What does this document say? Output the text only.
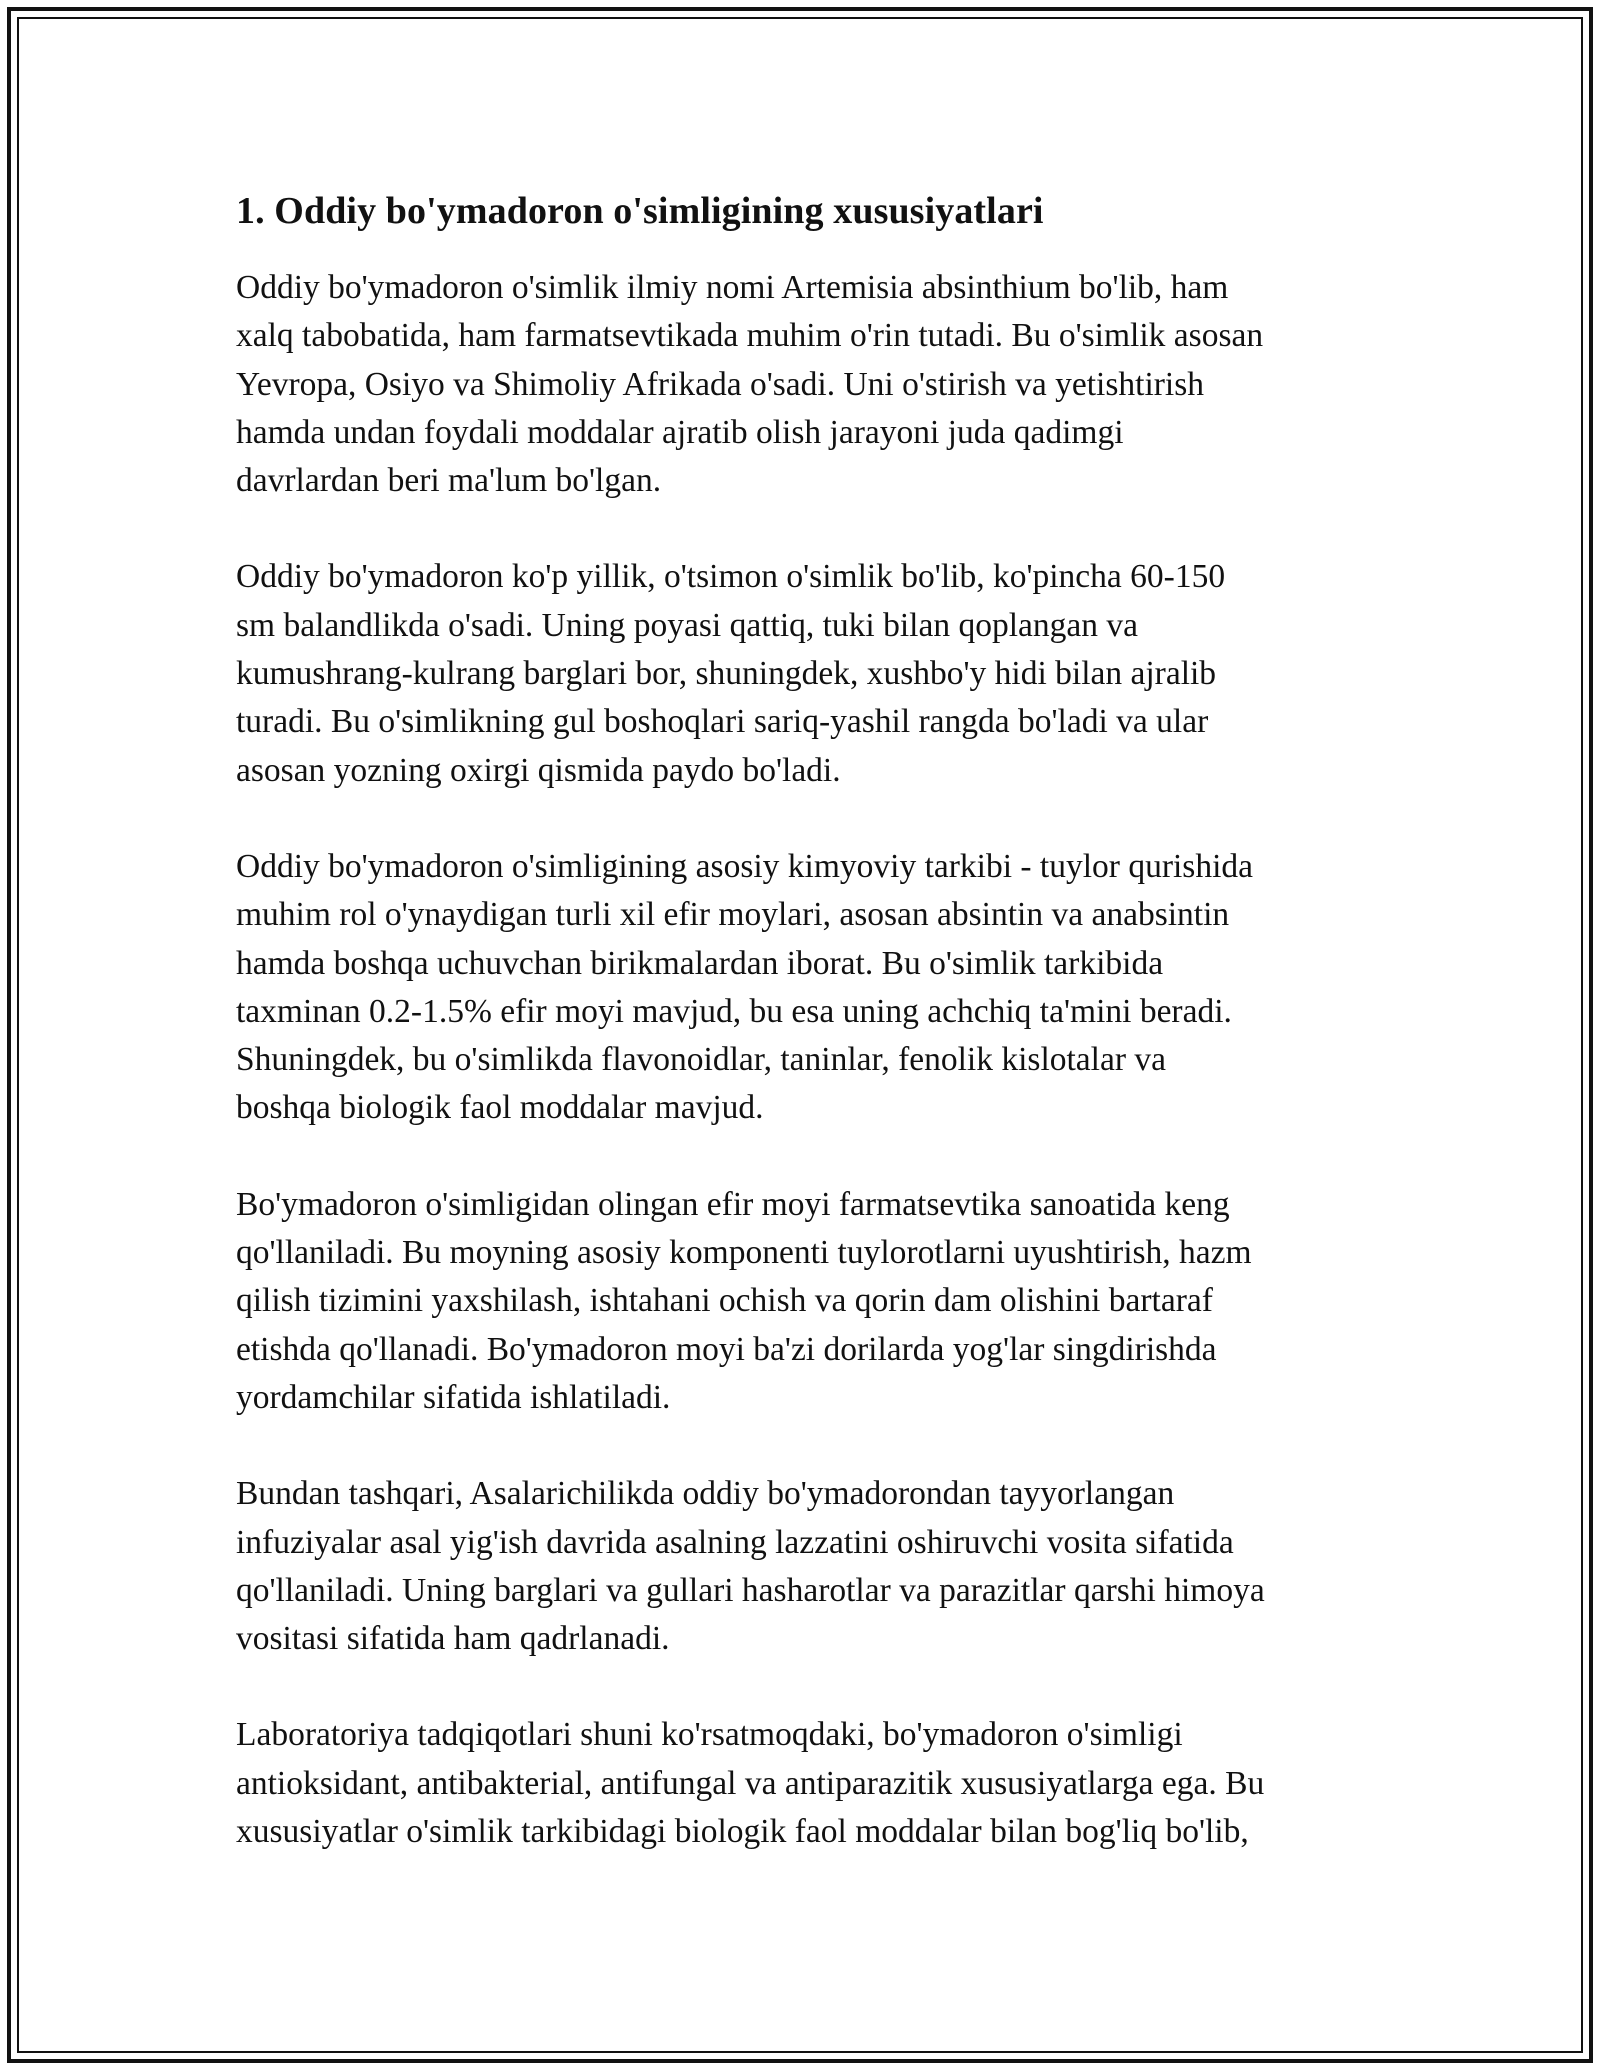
1. Oddiy bo'ymadoron o'simligining xususiyatlari

Oddiy bo'ymadoron o'simlik ilmiy nomi Artemisia absinthium bo'lib, ham
xalq tabobatida, ham farmatsevtikada muhim o'rin tutadi. Bu o'simlik asosan
Yevropa, Osiyo va Shimoliy Afrikada o'sadi. Uni o'stirish va yetishtirish
hamda undan foydali moddalar ajratib olish jarayoni juda qadimgi
davrlardan beri ma'lum bo'lgan.

Oddiy bo'ymadoron ko'p yillik, o'tsimon o'simlik bo'lib, ko'pincha 60-150
sm balandlikda o'sadi. Uning poyasi qattiq, tuki bilan qoplangan va
kumushrang-kulrang barglari bor, shuningdek, xushbo'y hidi bilan ajralib
turadi. Bu o'simlikning gul boshoqlari sariq-yashil rangda bo'ladi va ular
asosan yozning oxirgi qismida paydo bo'ladi.

Oddiy bo'ymadoron o'simligining asosiy kimyoviy tarkibi - tuylor qurishida
muhim rol o'ynaydigan turli xil efir moylari, asosan absintin va anabsintin
hamda boshqa uchuvchan birikmalardan iborat. Bu o'simlik tarkibida
taxminan 0.2-1.5% efir moyi mavjud, bu esa uning achchiq ta'mini beradi.
Shuningdek, bu o'simlikda flavonoidlar, taninlar, fenolik kislotalar va
boshqa biologik faol moddalar mavjud.

Bo'ymadoron o'simligidan olingan efir moyi farmatsevtika sanoatida keng
qo'llaniladi. Bu moyning asosiy komponenti tuylorotlarni uyushtirish, hazm
qilish tizimini yaxshilash, ishtahani ochish va qorin dam olishini bartaraf
etishda qo'llanadi. Bo'ymadoron moyi ba'zi dorilarda yog'lar singdirishda
yordamchilar sifatida ishlatiladi.

Bundan tashqari, Asalarichilikda oddiy bo'ymadorondan tayyorlangan
infuziyalar asal yig'ish davrida asalning lazzatini oshiruvchi vosita sifatida
qo'llaniladi. Uning barglari va gullari hasharotlar va parazitlar qarshi himoya
vositasi sifatida ham qadrlanadi.

Laboratoriya tadqiqotlari shuni ko'rsatmoqdaki, bo'ymadoron o'simligi
antioksidant, antibakterial, antifungal va antiparazitik xususiyatlarga ega. Bu
xususiyatlar o'simlik tarkibidagi biologik faol moddalar bilan bog'liq bo'lib,
